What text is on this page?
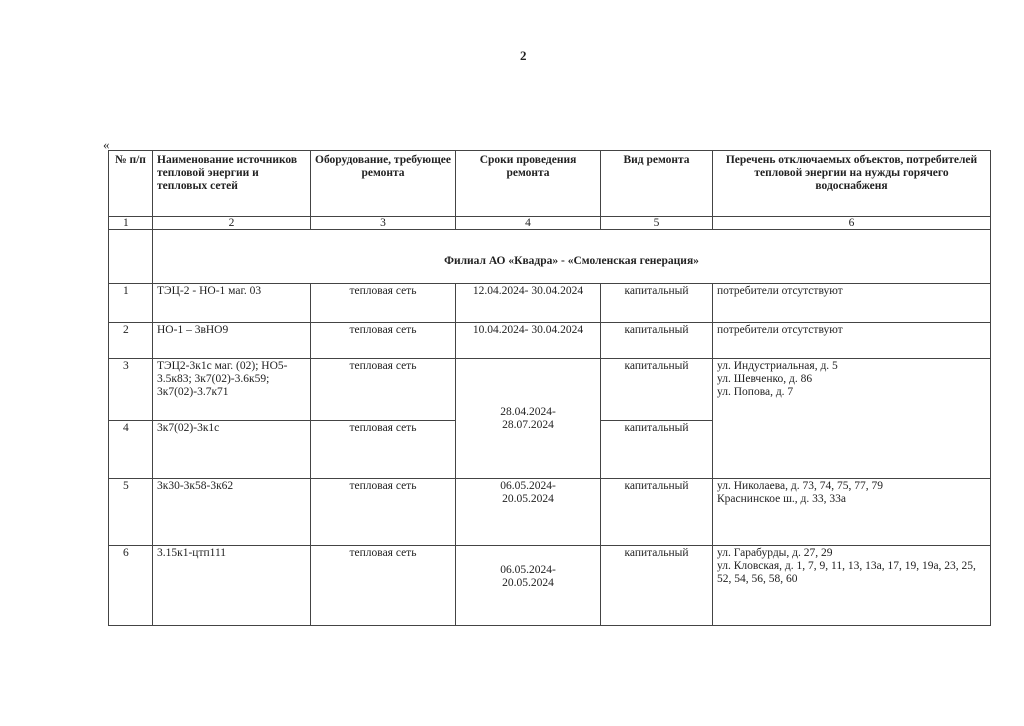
2
«
№ п/п	Наименование источников тепловой энергии и тепловых сетей	Оборудование, требующее ремонта	Сроки проведения ремонта	Вид ремонта	Перечень отключаемых объектов, потребителей тепловой энергии на нужды горячего водоснабженя
1	2	3	4	5	6
	Филиал АО «Квадра» - «Смоленская генерация»				
1	ТЭЦ-2 - НО-1 маг. 03	тепловая сеть	12.04.2024- 30.04.2024	капитальный	потребители отсутствуют
2	НО-1 – 3вНО9	тепловая сеть	10.04.2024- 30.04.2024	капитальный	потребители отсутствуют
3	ТЭЦ2-3к1с маг. (02); НО5-3.5к83; 3к7(02)-3.6к59; 3к7(02)-3.7к71	тепловая сеть	28.04.2024- 28.07.2024	капитальный	ул. Индустриальная, д. 5
ул. Шевченко, д. 86
ул. Попова, д. 7
4	3к7(02)-3к1с	тепловая сеть		капитальный	
5	3к30-3к58-3к62	тепловая сеть	06.05.2024- 20.05.2024	капитальный	ул. Николаева, д. 73, 74, 75, 77, 79
Краснинское ш., д. 33, 33а
6	3.15к1-цтп111	тепловая сеть	06.05.2024- 20.05.2024	капитальный	ул. Гарабурды, д. 27, 29
ул. Кловская, д. 1, 7, 9, 11, 13, 13а, 17, 19, 19а, 23, 25, 52, 54, 56, 58, 60
